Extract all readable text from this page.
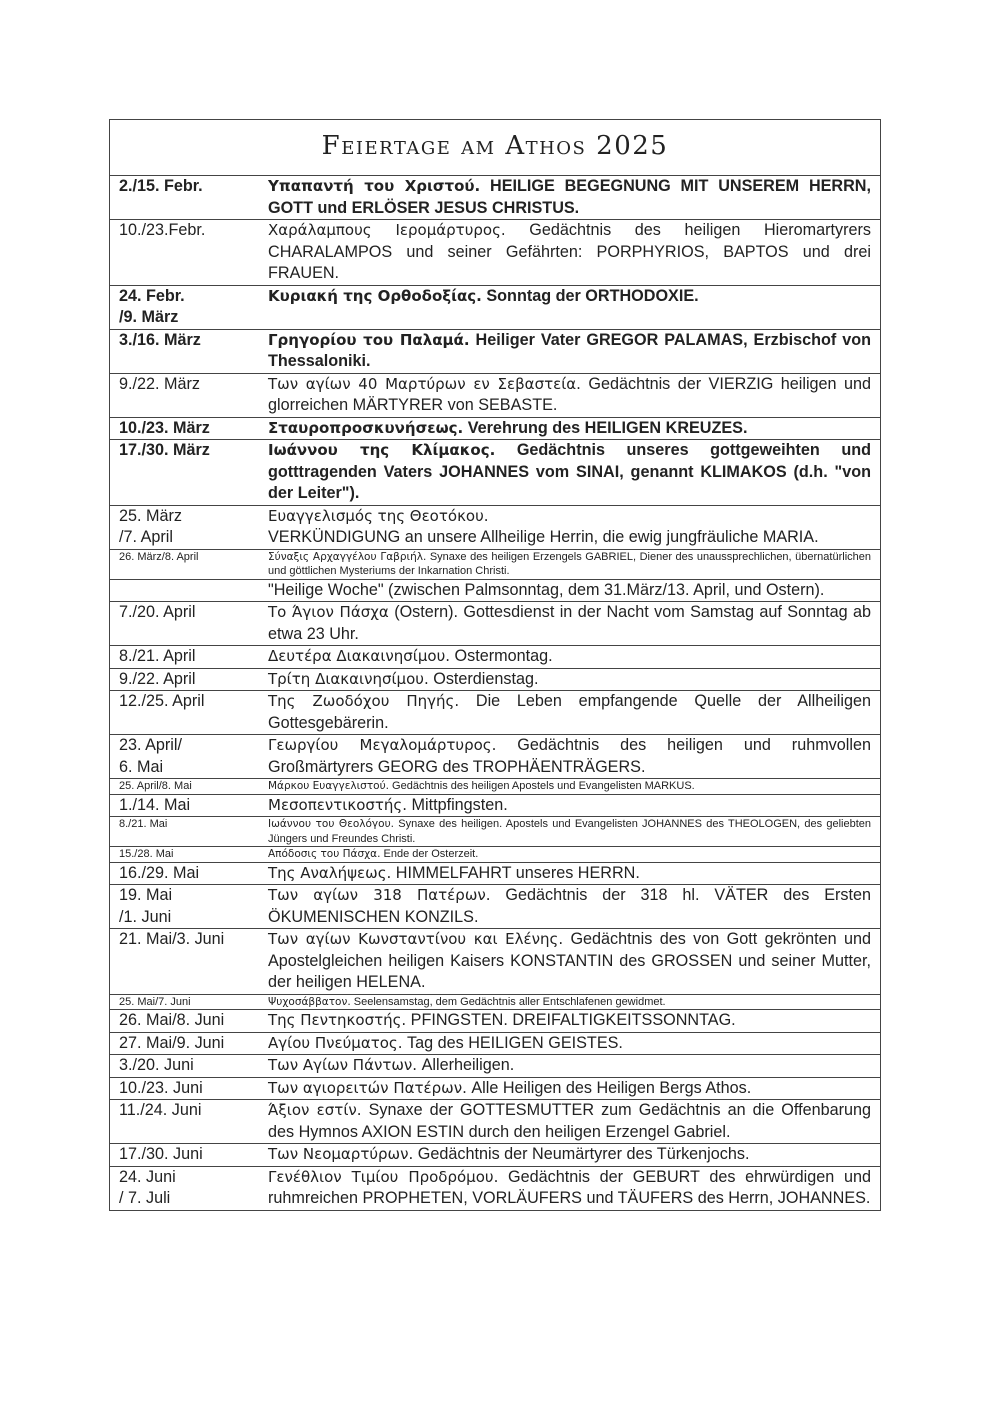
Feiertage am Athos 2025
2./15. Febr.	Υπαπαντή του Χριστού. HEILIGE BEGEGNUNG MIT UNSEREM HERRN, GOTT und ERLÖSER JESUS CHRISTUS.
10./23.Febr.	Χαράλαμπους Ιερομάρτυρος. Gedächtnis des heiligen Hieromartyrers CHARALAMPOS und seiner Gefährten: PORPHYRIOS, BAPTOS und drei FRAUEN.
24. Febr.
/9. März	Κυριακή της Ορθοδοξίας. Sonntag der ORTHODOXIE.
3./16. März	Γρηγορίου του Παλαμά. Heiliger Vater GREGOR PALAMAS, Erzbischof von Thessaloniki.
9./22. März	Των αγίων 40 Μαρτύρων εν Σεβαστεία. Gedächtnis der VIERZIG heiligen und glorreichen MÄRTYRER von SEBASTE.
10./23. März	Σταυροπροσκυνήσεως. Verehrung des HEILIGEN KREUZES.
17./30. März	Ιωάννου της Κλίμακος. Gedächtnis unseres gottgeweihten und gotttragenden Vaters JOHANNES vom SINAI, genannt KLIMAKOS (d.h. "von der Leiter").
25. März
/7. April	Ευαγγελισμός της Θεοτόκου.
VERKÜNDIGUNG an unsere Allheilige Herrin, die ewig jungfräuliche MARIA.
26. März/8. April	Σύναξις Αρχαγγέλου Γαβριήλ. Synaxe des heiligen Erzengels GABRIEL, Diener des unaussprechlichen, übernatürlichen und göttlichen Mysteriums der Inkarnation Christi.
	"Heilige Woche" (zwischen Palmsonntag, dem 31.März/13. April, und Ostern).
7./20. April	Το Άγιον Πάσχα (Ostern). Gottesdienst in der Nacht vom Samstag auf Sonntag ab etwa 23 Uhr.
8./21. April	Δευτέρα Διακαινησίμου. Ostermontag.
9./22. April	Τρίτη Διακαινησίμου. Osterdienstag.
12./25. April	Της Ζωοδόχου Πηγής. Die Leben empfangende Quelle der Allheiligen Gottesgebärerin.
23. April/
6. Mai	Γεωργίου Μεγαλομάρτυρος. Gedächtnis des heiligen und ruhmvollen Großmärtyrers GEORG des TROPHÄENTRÄGERS.
25. April/8. Mai	Μάρκου Ευαγγελιστού. Gedächtnis des heiligen Apostels und Evangelisten MARKUS.
1./14. Mai	Μεσοπεντικοστής. Mittpfingsten.
8./21. Mai	Ιωάννου του Θεολόγου. Synaxe des heiligen. Apostels und Evangelisten JOHANNES des THEOLOGEN, des geliebten Jüngers und Freundes Christi.
15./28. Mai	Απόδοσις του Πάσχα. Ende der Osterzeit.
16./29. Mai	Της Αναλήψεως. HIMMELFAHRT unseres HERRN.
19. Mai
/1. Juni	Των αγίων 318 Πατέρων. Gedächtnis der 318 hl. VÄTER des Ersten ÖKUMENISCHEN KONZILS.
21. Mai/3. Juni	Των αγίων Κωνσταντίνου και Ελένης. Gedächtnis des von Gott gekrönten und Apostelgleichen heiligen Kaisers KONSTANTIN des GROSSEN und seiner Mutter, der heiligen HELENA.
25. Mai/7. Juni	Ψυχοσάββατον. Seelensamstag, dem Gedächtnis aller Entschlafenen gewidmet.
26. Mai/8. Juni	Της Πεντηκοστής. PFINGSTEN. DREIFALTIGKEITSSONNTAG.
27. Mai/9. Juni	Αγίου Πνεύματος. Tag des HEILIGEN GEISTES.
3./20. Juni	Των Αγίων Πάντων. Allerheiligen.
10./23. Juni	Των αγιορειτών Πατέρων. Alle Heiligen des Heiligen Bergs Athos.
11./24. Juni	Άξιον εστίν. Synaxe der GOTTESMUTTER zum Gedächtnis an die Offenbarung des Hymnos AXION ESTIN durch den heiligen Erzengel Gabriel.
17./30. Juni	Των Νεομαρτύρων. Gedächtnis der Neumärtyrer des Türkenjochs.
24. Juni
/ 7. Juli	Γενέθλιον Τιμίου Προδρόμου. Gedächtnis der GEBURT des ehrwürdigen und ruhmreichen PROPHETEN, VORLÄUFERS und TÄUFERS des Herrn, JOHANNES.
